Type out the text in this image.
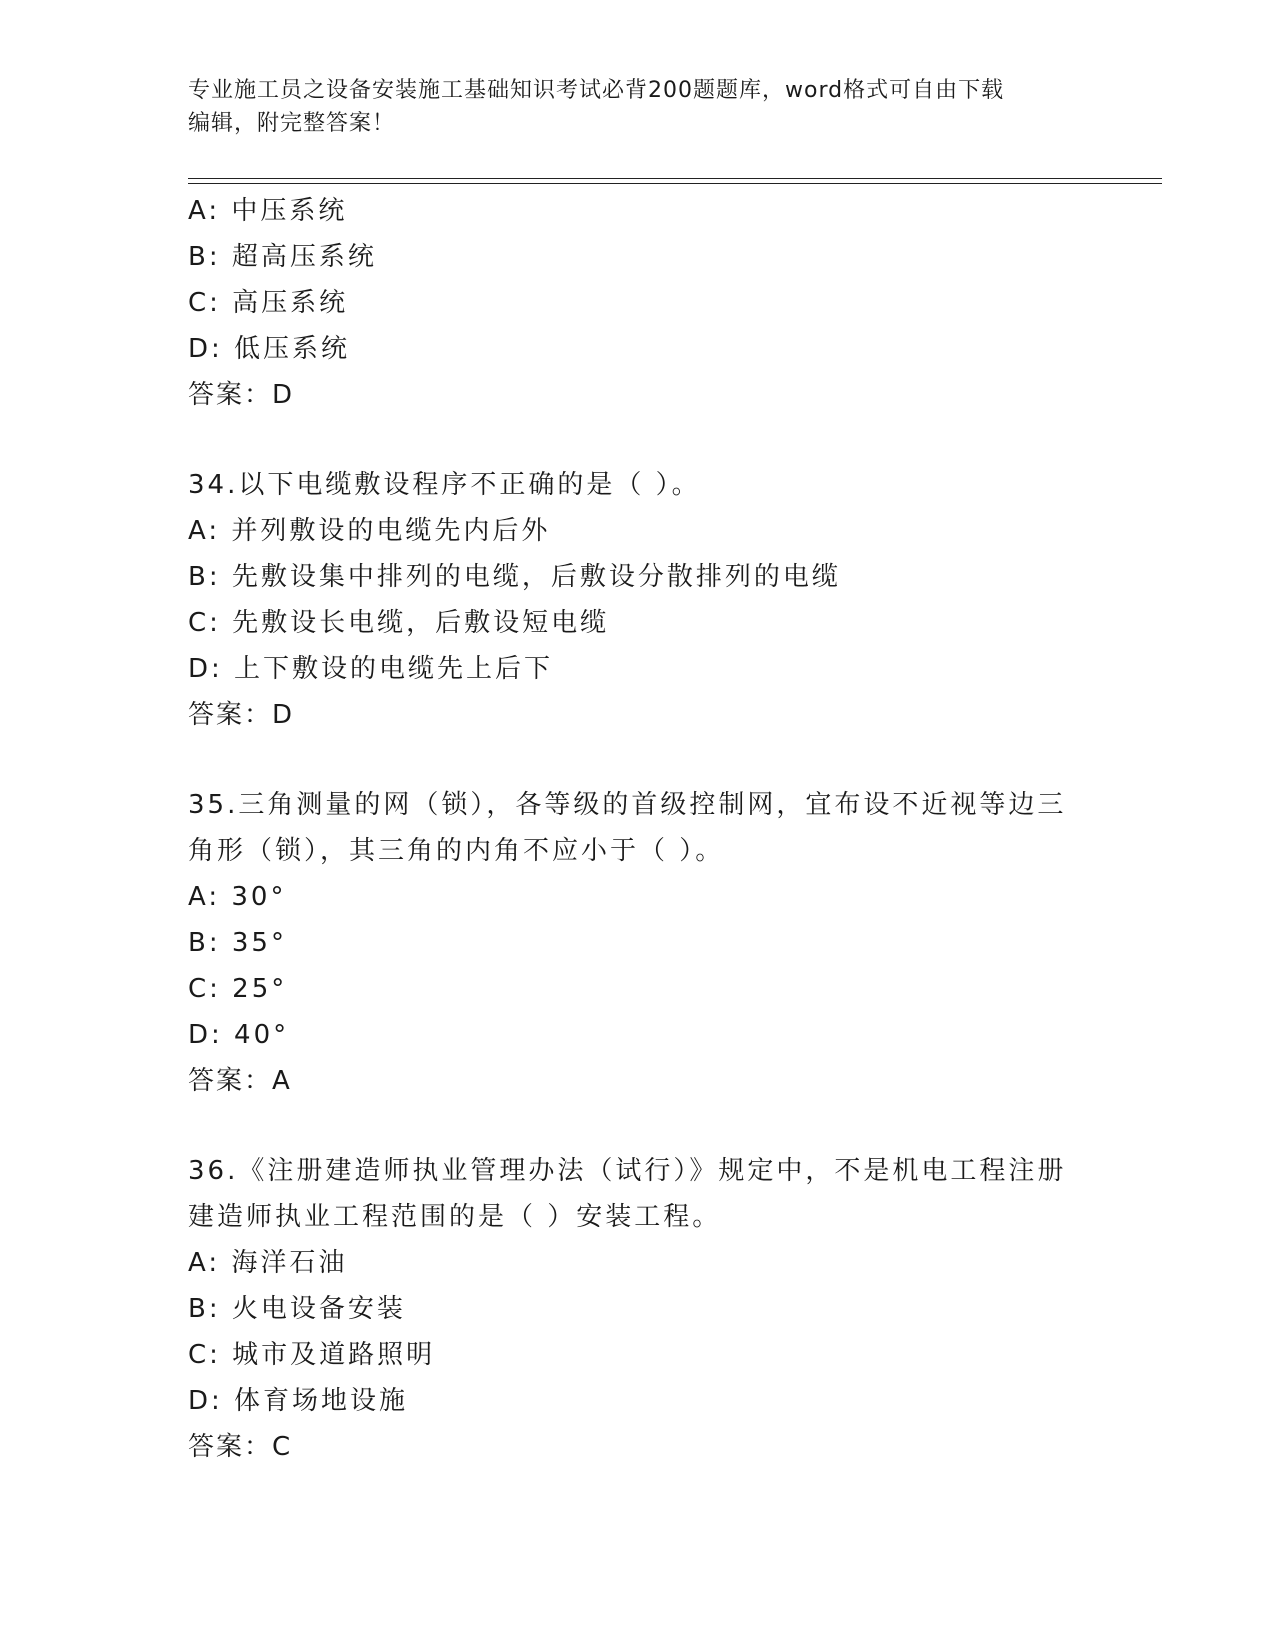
专业施工员之设备安装施工基础知识考试必背200题题库，word格式可自由下载
编辑，附完整答案！
A: 中压系统
B: 超高压系统
C: 高压系统
D: 低压系统
答案：D
34.以下电缆敷设程序不正确的是（ ）。
A: 并列敷设的电缆先内后外
B: 先敷设集中排列的电缆，后敷设分散排列的电缆
C: 先敷设长电缆，后敷设短电缆
D: 上下敷设的电缆先上后下
答案：D
35.三角测量的网（锁），各等级的首级控制网，宜布设不近视等边三
角形（锁），其三角的内角不应小于（ ）。
A: 30°
B: 35°
C: 25°
D: 40°
答案：A
36.《注册建造师执业管理办法（试行）》规定中，不是机电工程注册
建造师执业工程范围的是（ ）安装工程。
A: 海洋石油
B: 火电设备安装
C: 城市及道路照明
D: 体育场地设施
答案：C
